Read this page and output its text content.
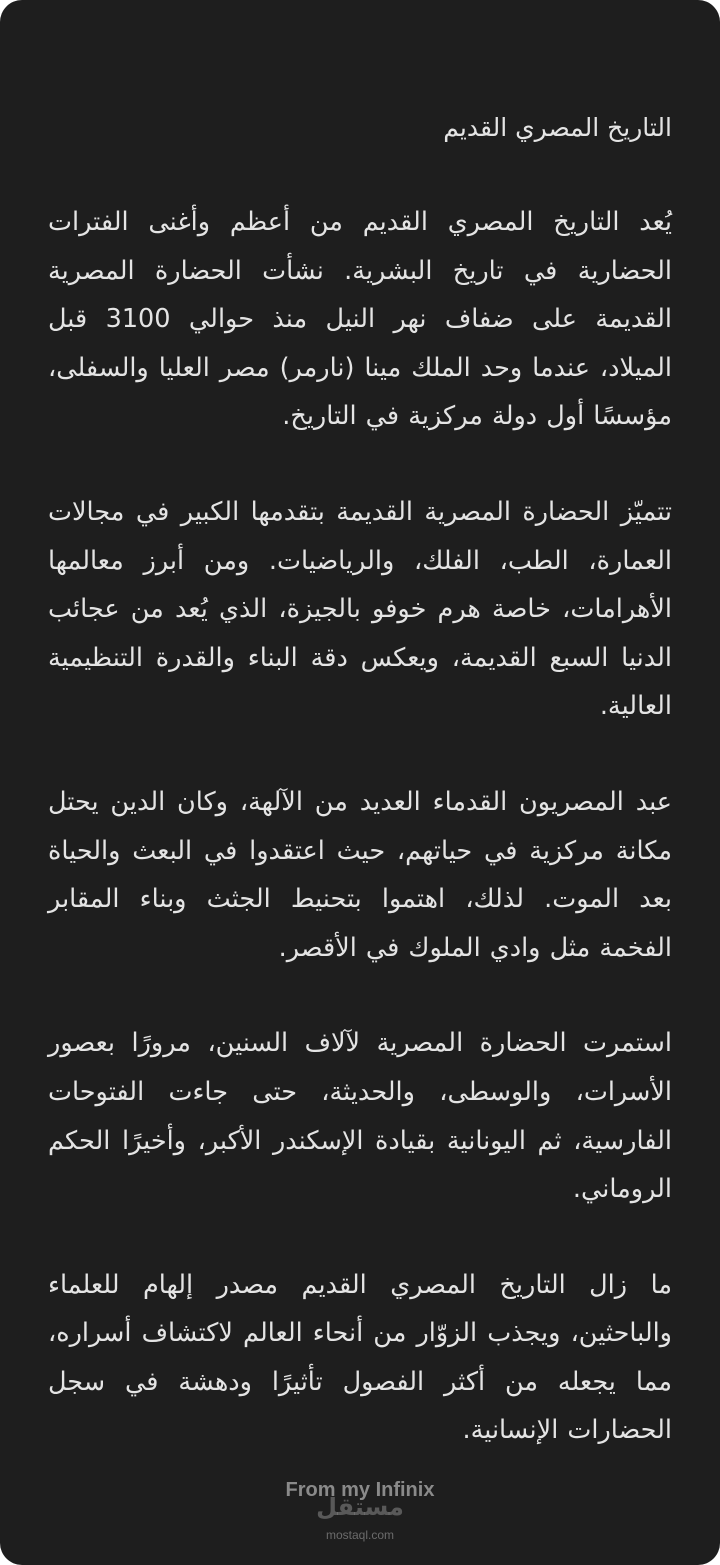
التاريخ المصري القديم

يُعد التاريخ المصري القديم من أعظم وأغنى الفترات الحضارية في تاريخ البشرية. نشأت الحضارة المصرية القديمة على ضفاف نهر النيل منذ حوالي 3100 قبل الميلاد، عندما وحد الملك مينا (نارمر) مصر العليا والسفلى، مؤسسًا أول دولة مركزية في التاريخ.

تتميّز الحضارة المصرية القديمة بتقدمها الكبير في مجالات العمارة، الطب، الفلك، والرياضيات. ومن أبرز معالمها الأهرامات، خاصة هرم خوفو بالجيزة، الذي يُعد من عجائب الدنيا السبع القديمة، ويعكس دقة البناء والقدرة التنظيمية العالية.

عبد المصريون القدماء العديد من الآلهة، وكان الدين يحتل مكانة مركزية في حياتهم، حيث اعتقدوا في البعث والحياة بعد الموت. لذلك، اهتموا بتحنيط الجثث وبناء المقابر الفخمة مثل وادي الملوك في الأقصر.

استمرت الحضارة المصرية لآلاف السنين، مرورًا بعصور الأسرات، والوسطى، والحديثة، حتى جاءت الفتوحات الفارسية، ثم اليونانية بقيادة الإسكندر الأكبر، وأخيرًا الحكم الروماني.

ما زال التاريخ المصري القديم مصدر إلهام للعلماء والباحثين، ويجذب الزوّار من أنحاء العالم لاكتشاف أسراره، مما يجعله من أكثر الفصول تأثيرًا ودهشة في سجل الحضارات الإنسانية.

From my Infinix
مستقل
mostaql.com
